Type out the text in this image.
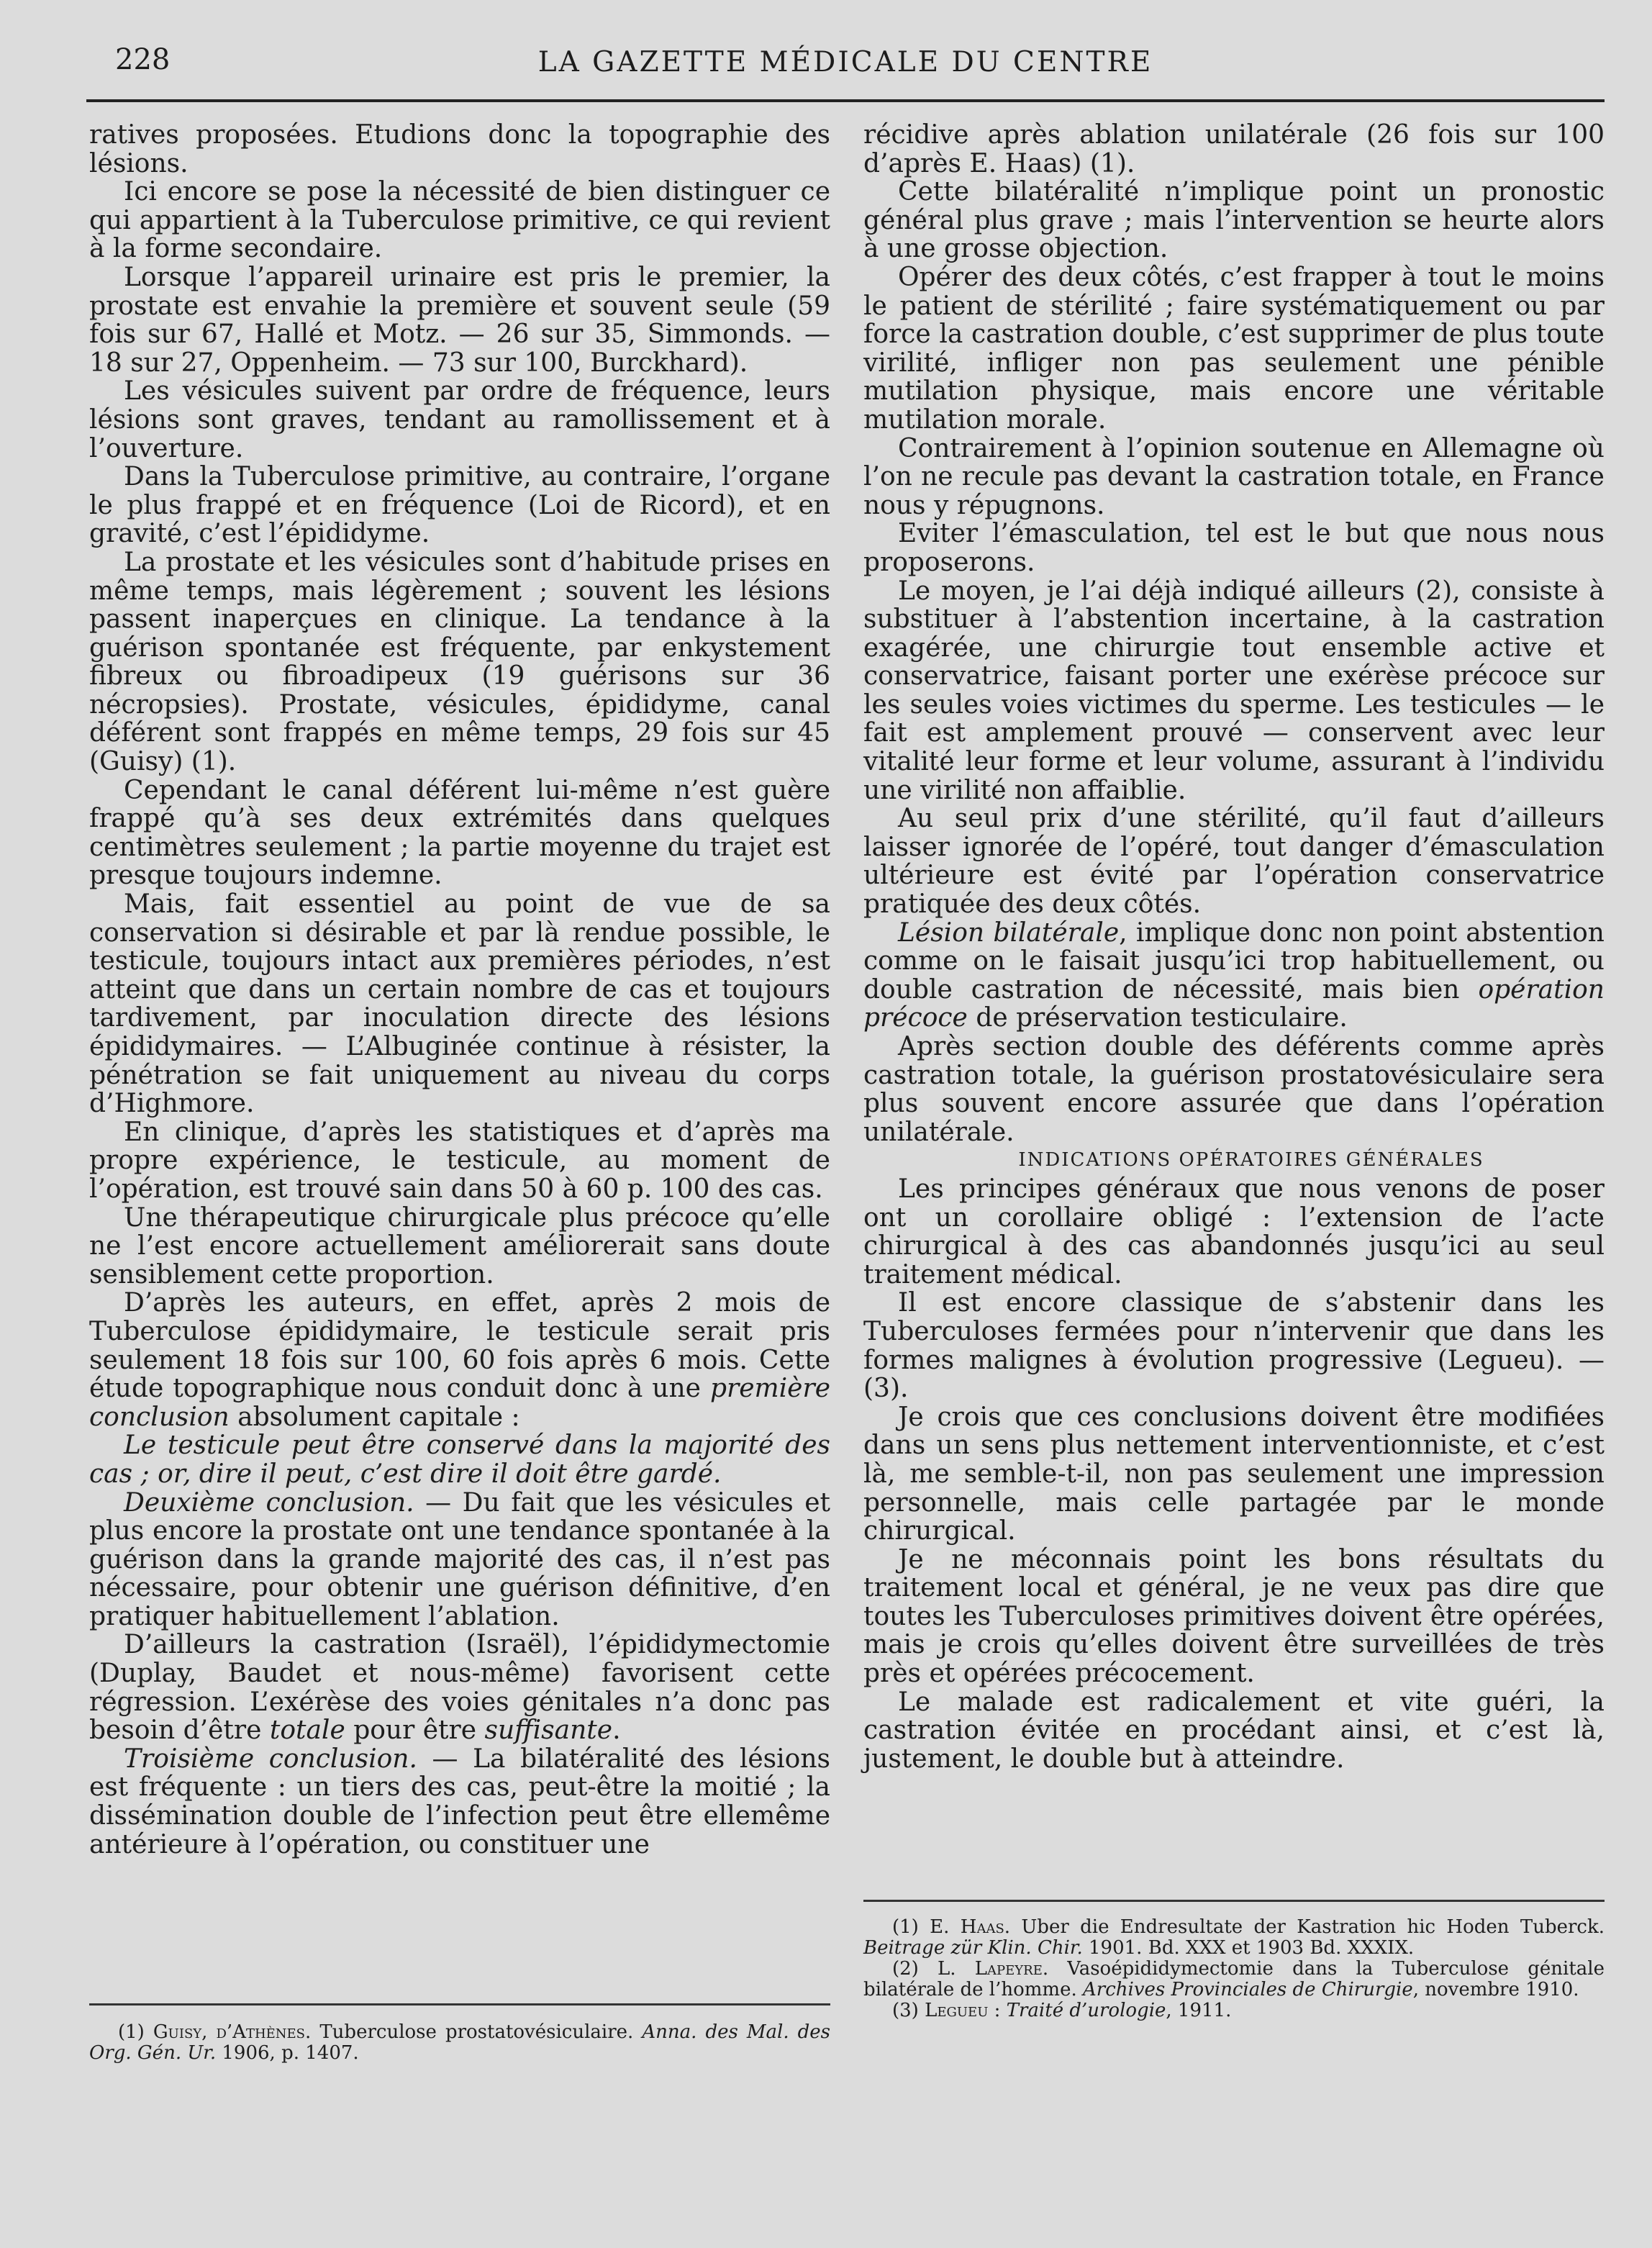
228	LA GAZETTE MÉDICALE DU CENTRE

ratives proposées. Etudions donc la topographie des lésions.

Ici encore se pose la nécessité de bien distinguer ce qui appartient à la Tuberculose primitive, ce qui revient à la forme secondaire.

Lorsque l’appareil urinaire est pris le premier, la prostate est envahie la première et souvent seule (59 fois sur 67, Hallé et Motz. — 26 sur 35, Simmonds. — 18 sur 27, Oppenheim. — 73 sur 100, Burckhard).

Les vésicules suivent par ordre de fréquence, leurs lésions sont graves, tendant au ramollissement et à l’ouverture.

Dans la Tuberculose primitive, au contraire, l’organe le plus frappé et en fréquence (Loi de Ricord), et en gravité, c’est l’épididyme.

La prostate et les vésicules sont d’habitude prises en même temps, mais légèrement ; souvent les lésions passent inaperçues en clinique. La tendance à la guérison spontanée est fréquente, par enkystement fibreux ou fibroadipeux (19 guérisons sur 36 nécropsies). Prostate, vésicules, épididyme, canal déférent sont frappés en même temps, 29 fois sur 45 (Guisy) (1).

Cependant le canal déférent lui-même n’est guère frappé qu’à ses deux extrémités dans quelques centimètres seulement ; la partie moyenne du trajet est presque toujours indemne.

Mais, fait essentiel au point de vue de sa conservation si désirable et par là rendue possible, le testicule, toujours intact aux premières périodes, n’est atteint que dans un certain nombre de cas et toujours tardivement, par inoculation directe des lésions épididymaires. — L’Albuginée continue à résister, la pénétration se fait uniquement au niveau du corps d’Highmore.

En clinique, d’après les statistiques et d’après ma propre expérience, le testicule, au moment de l’opération, est trouvé sain dans 50 à 60 p. 100 des cas.

Une thérapeutique chirurgicale plus précoce qu’elle ne l’est encore actuellement améliorerait sans doute sensiblement cette proportion.

D’après les auteurs, en effet, après 2 mois de Tuberculose épididymaire, le testicule serait pris seulement 18 fois sur 100, 60 fois après 6 mois. Cette étude topographique nous conduit donc à une première conclusion absolument capitale :

Le testicule peut être conservé dans la majorité des cas ; or, dire il peut, c’est dire il doit être gardé.

Deuxième conclusion. — Du fait que les vésicules et plus encore la prostate ont une tendance spontanée à la guérison dans la grande majorité des cas, il n’est pas nécessaire, pour obtenir une guérison définitive, d’en pratiquer habituellement l’ablation.

D’ailleurs la castration (Israël), l’épididymectomie (Duplay, Baudet et nous-même) favorisent cette régression. L’exérèse des voies génitales n’a donc pas besoin d’être totale pour être suffisante.

Troisième conclusion. — La bilatéralité des lésions est fréquente : un tiers des cas, peut-être la moitié ; la dissémination double de l’infection peut être ellemême antérieure à l’opération, ou constituer une

récidive après ablation unilatérale (26 fois sur 100 d’après E. Haas) (1).

Cette bilatéralité n’implique point un pronostic général plus grave ; mais l’intervention se heurte alors à une grosse objection.

Opérer des deux côtés, c’est frapper à tout le moins le patient de stérilité ; faire systématiquement ou par force la castration double, c’est supprimer de plus toute virilité, infliger non pas seulement une pénible mutilation physique, mais encore une véritable mutilation morale.

Contrairement à l’opinion soutenue en Allemagne où l’on ne recule pas devant la castration totale, en France nous y répugnons.

Eviter l’émasculation, tel est le but que nous nous proposerons.

Le moyen, je l’ai déjà indiqué ailleurs (2), consiste à substituer à l’abstention incertaine, à la castration exagérée, une chirurgie tout ensemble active et conservatrice, faisant porter une exérèse précoce sur les seules voies victimes du sperme. Les testicules — le fait est amplement prouvé — conservent avec leur vitalité leur forme et leur volume, assurant à l’individu une virilité non affaiblie.

Au seul prix d’une stérilité, qu’il faut d’ailleurs laisser ignorée de l’opéré, tout danger d’émasculation ultérieure est évité par l’opération conservatrice pratiquée des deux côtés.

Lésion bilatérale, implique donc non point abstention comme on le faisait jusqu’ici trop habituellement, ou double castration de nécessité, mais bien opération précoce de préservation testiculaire.

Après section double des déférents comme après castration totale, la guérison prostatovésiculaire sera plus souvent encore assurée que dans l’opération unilatérale.

INDICATIONS OPÉRATOIRES GÉNÉRALES

Les principes généraux que nous venons de poser ont un corollaire obligé : l’extension de l’acte chirurgical à des cas abandonnés jusqu’ici au seul traitement médical.

Il est encore classique de s’abstenir dans les Tuberculoses fermées pour n’intervenir que dans les formes malignes à évolution progressive (Legueu). — (3).

Je crois que ces conclusions doivent être modifiées dans un sens plus nettement interventionniste, et c’est là, me semble-t-il, non pas seulement une impression personnelle, mais celle partagée par le monde chirurgical.

Je ne méconnais point les bons résultats du traitement local et général, je ne veux pas dire que toutes les Tuberculoses primitives doivent être opérées, mais je crois qu’elles doivent être surveillées de très près et opérées précocement.

Le malade est radicalement et vite guéri, la castration évitée en procédant ainsi, et c’est là, justement, le double but à atteindre.

(1) Guisy, d’Athènes. Tuberculose prostatovésiculaire. Anna. des Mal. des Org. Gén. Ur. 1906, p. 1407.

(1) E. Haas. Uber die Endresultate der Kastration hic Hoden Tuberck. Beitrage zür Klin. Chir. 1901. Bd. XXX et 1903 Bd. XXXIX.

(2) L. Lapeyre. Vasoépididymectomie dans la Tuberculose génitale bilatérale de l’homme. Archives Provinciales de Chirurgie, novembre 1910.

(3) Legueu : Traité d’urologie, 1911.
